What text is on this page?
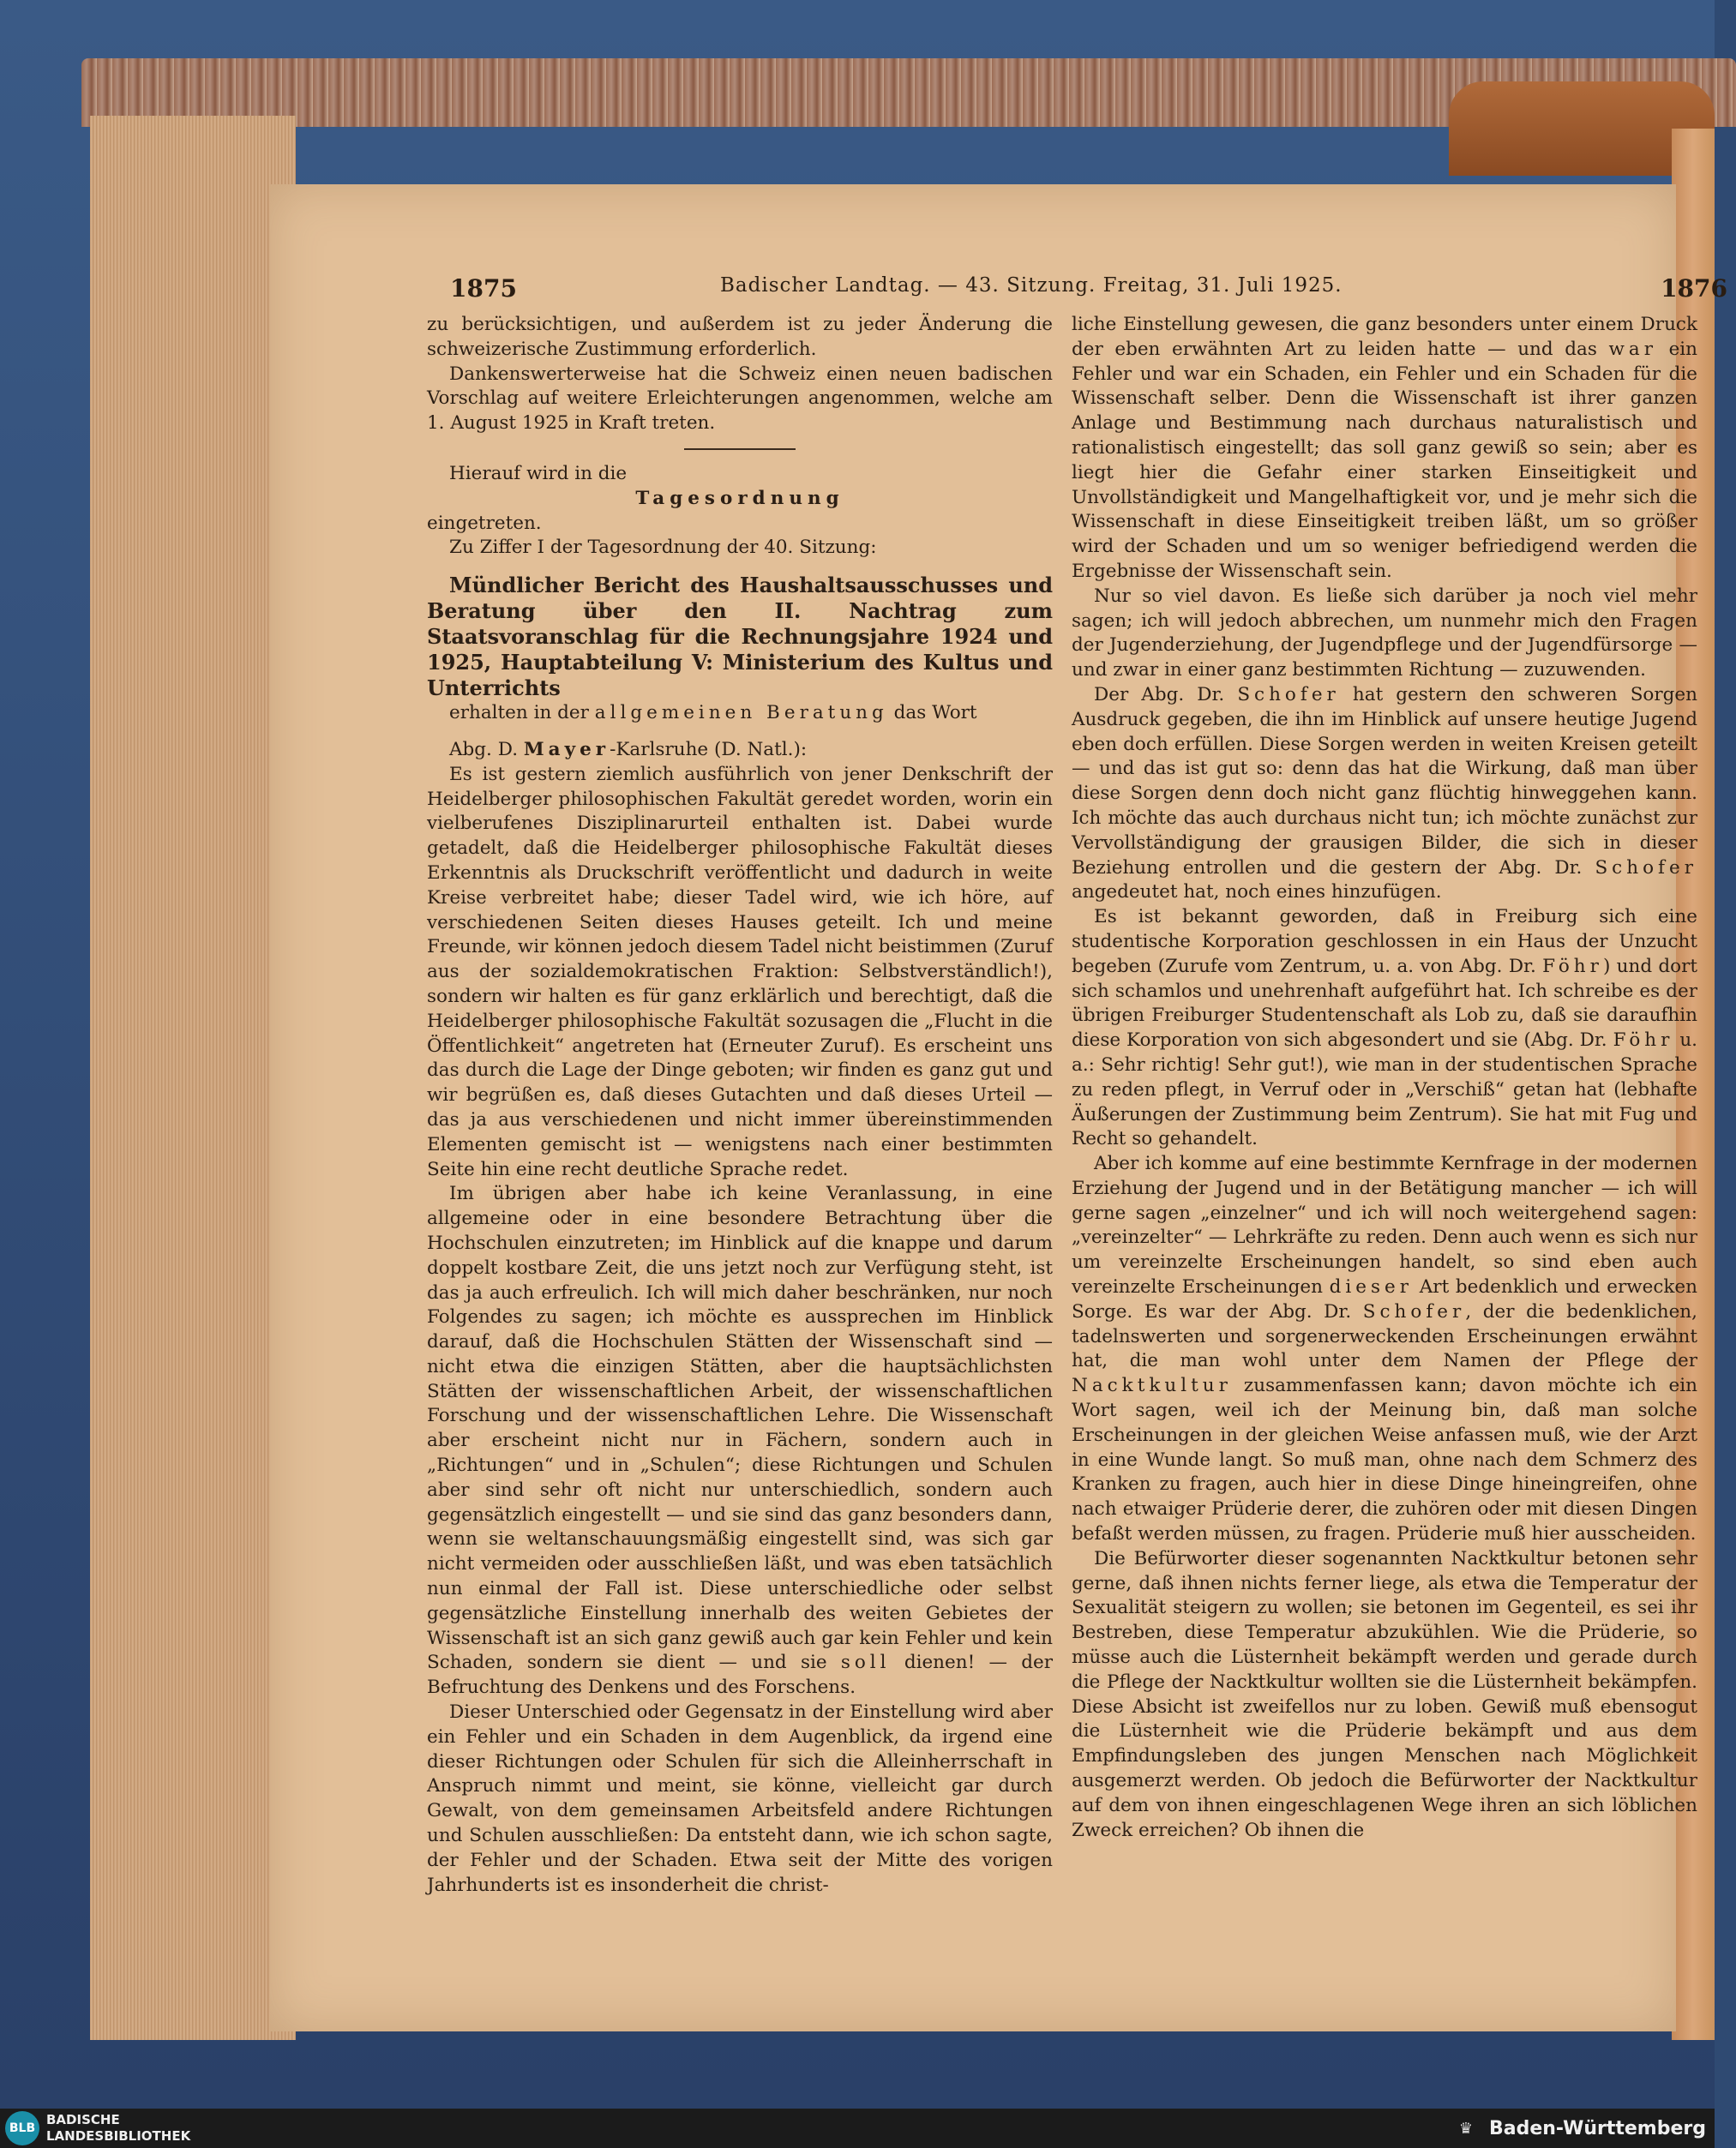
1875	Badischer Landtag. — 43. Sitzung. Freitag, 31. Juli 1925.	1876

zu berücksichtigen, und außerdem ist zu jeder Änderung die schweizerische Zustimmung erforderlich.

Dankenswerterweise hat die Schweiz einen neuen badischen Vorschlag auf weitere Erleichterungen angenommen, welche am 1. August 1925 in Kraft treten.

Hierauf wird in die

Tagesordnung

eingetreten.

Zu Ziffer I der Tagesordnung der 40. Sitzung:

Mündlicher Bericht des Haushaltsausschusses und Beratung über den II. Nachtrag zum Staatsvoranschlag für die Rechnungsjahre 1924 und 1925, Hauptabteilung V: Ministerium des Kultus und Unterrichts

erhalten in der allgemeinen Beratung das Wort

Abg. D. Mayer-Karlsruhe (D. Natl.):

Es ist gestern ziemlich ausführlich von jener Denkschrift der Heidelberger philosophischen Fakultät geredet worden, worin ein vielberufenes Disziplinarurteil enthalten ist. Dabei wurde getadelt, daß die Heidelberger philosophische Fakultät dieses Erkenntnis als Druckschrift veröffentlicht und dadurch in weite Kreise verbreitet habe; dieser Tadel wird, wie ich höre, auf verschiedenen Seiten dieses Hauses geteilt. Ich und meine Freunde, wir können jedoch diesem Tadel nicht beistimmen (Zuruf aus der sozialdemokratischen Fraktion: Selbstverständlich!), sondern wir halten es für ganz erklärlich und berechtigt, daß die Heidelberger philosophische Fakultät sozusagen die „Flucht in die Öffentlichkeit“ angetreten hat (Erneuter Zuruf). Es erscheint uns das durch die Lage der Dinge geboten; wir finden es ganz gut und wir begrüßen es, daß dieses Gutachten und daß dieses Urteil — das ja aus verschiedenen und nicht immer übereinstimmenden Elementen gemischt ist — wenigstens nach einer bestimmten Seite hin eine recht deutliche Sprache redet.

Im übrigen aber habe ich keine Veranlassung, in eine allgemeine oder in eine besondere Betrachtung über die Hochschulen einzutreten; im Hinblick auf die knappe und darum doppelt kostbare Zeit, die uns jetzt noch zur Verfügung steht, ist das ja auch erfreulich. Ich will mich daher beschränken, nur noch Folgendes zu sagen; ich möchte es aussprechen im Hinblick darauf, daß die Hochschulen Stätten der Wissenschaft sind — nicht etwa die einzigen Stätten, aber die hauptsächlichsten Stätten der wissenschaftlichen Arbeit, der wissenschaftlichen Forschung und der wissenschaftlichen Lehre. Die Wissenschaft aber erscheint nicht nur in Fächern, sondern auch in „Richtungen“ und in „Schulen“; diese Richtungen und Schulen aber sind sehr oft nicht nur unterschiedlich, sondern auch gegensätzlich eingestellt — und sie sind das ganz besonders dann, wenn sie weltanschauungsmäßig eingestellt sind, was sich gar nicht vermeiden oder ausschließen läßt, und was eben tatsächlich nun einmal der Fall ist. Diese unterschiedliche oder selbst gegensätzliche Einstellung innerhalb des weiten Gebietes der Wissenschaft ist an sich ganz gewiß auch gar kein Fehler und kein Schaden, sondern sie dient — und sie soll dienen! — der Befruchtung des Denkens und des Forschens.

Dieser Unterschied oder Gegensatz in der Einstellung wird aber ein Fehler und ein Schaden in dem Augenblick, da irgend eine dieser Richtungen oder Schulen für sich die Alleinherrschaft in Anspruch nimmt und meint, sie könne, vielleicht gar durch Gewalt, von dem gemeinsamen Arbeitsfeld andere Richtungen und Schulen ausschließen: Da entsteht dann, wie ich schon sagte, der Fehler und der Schaden. Etwa seit der Mitte des vorigen Jahrhunderts ist es insonderheit die christ-

liche Einstellung gewesen, die ganz besonders unter einem Druck der eben erwähnten Art zu leiden hatte — und das war ein Fehler und war ein Schaden, ein Fehler und ein Schaden für die Wissenschaft selber. Denn die Wissenschaft ist ihrer ganzen Anlage und Bestimmung nach durchaus naturalistisch und rationalistisch eingestellt; das soll ganz gewiß so sein; aber es liegt hier die Gefahr einer starken Einseitigkeit und Unvollständigkeit und Mangelhaftigkeit vor, und je mehr sich die Wissenschaft in diese Einseitigkeit treiben läßt, um so größer wird der Schaden und um so weniger befriedigend werden die Ergebnisse der Wissenschaft sein.

Nur so viel davon. Es ließe sich darüber ja noch viel mehr sagen; ich will jedoch abbrechen, um nunmehr mich den Fragen der Jugenderziehung, der Jugendpflege und der Jugendfürsorge — und zwar in einer ganz bestimmten Richtung — zuzuwenden.

Der Abg. Dr. Schofer hat gestern den schweren Sorgen Ausdruck gegeben, die ihn im Hinblick auf unsere heutige Jugend eben doch erfüllen. Diese Sorgen werden in weiten Kreisen geteilt — und das ist gut so: denn das hat die Wirkung, daß man über diese Sorgen denn doch nicht ganz flüchtig hinweggehen kann. Ich möchte das auch durchaus nicht tun; ich möchte zunächst zur Vervollständigung der grausigen Bilder, die sich in dieser Beziehung entrollen und die gestern der Abg. Dr. Schofer angedeutet hat, noch eines hinzufügen.

Es ist bekannt geworden, daß in Freiburg sich eine studentische Korporation geschlossen in ein Haus der Unzucht begeben (Zurufe vom Zentrum, u. a. von Abg. Dr. Föhr) und dort sich schamlos und unehrenhaft aufgeführt hat. Ich schreibe es der übrigen Freiburger Studentenschaft als Lob zu, daß sie daraufhin diese Korporation von sich abgesondert und sie (Abg. Dr. Föhr u. a.: Sehr richtig! Sehr gut!), wie man in der studentischen Sprache zu reden pflegt, in Verruf oder in „Verschiß“ getan hat (lebhafte Äußerungen der Zustimmung beim Zentrum). Sie hat mit Fug und Recht so gehandelt.

Aber ich komme auf eine bestimmte Kernfrage in der modernen Erziehung der Jugend und in der Betätigung mancher — ich will gerne sagen „einzelner“ und ich will noch weitergehend sagen: „vereinzelter“ — Lehrkräfte zu reden. Denn auch wenn es sich nur um vereinzelte Erscheinungen handelt, so sind eben auch vereinzelte Erscheinungen dieser Art bedenklich und erwecken Sorge. Es war der Abg. Dr. Schofer, der die bedenklichen, tadelnswerten und sorgenerweckenden Erscheinungen erwähnt hat, die man wohl unter dem Namen der Pflege der Nacktkultur zusammenfassen kann; davon möchte ich ein Wort sagen, weil ich der Meinung bin, daß man solche Erscheinungen in der gleichen Weise anfassen muß, wie der Arzt in eine Wunde langt. So muß man, ohne nach dem Schmerz des Kranken zu fragen, auch hier in diese Dinge hineingreifen, ohne nach etwaiger Prüderie derer, die zuhören oder mit diesen Dingen befaßt werden müssen, zu fragen. Prüderie muß hier ausscheiden.

Die Befürworter dieser sogenannten Nacktkultur betonen sehr gerne, daß ihnen nichts ferner liege, als etwa die Temperatur der Sexualität steigern zu wollen; sie betonen im Gegenteil, es sei ihr Bestreben, diese Temperatur abzukühlen. Wie die Prüderie, so müsse auch die Lüsternheit bekämpft werden und gerade durch die Pflege der Nacktkultur wollten sie die Lüsternheit bekämpfen. Diese Absicht ist zweifellos nur zu loben. Gewiß muß ebensogut die Lüsternheit wie die Prüderie bekämpft und aus dem Empfindungsleben des jungen Menschen nach Möglichkeit ausgemerzt werden. Ob jedoch die Befürworter der Nacktkultur auf dem von ihnen eingeschlagenen Wege ihren an sich löblichen Zweck erreichen? Ob ihnen die

BLB
BADISCHE
LANDESBIBLIOTHEK	♛ Baden-Württemberg
